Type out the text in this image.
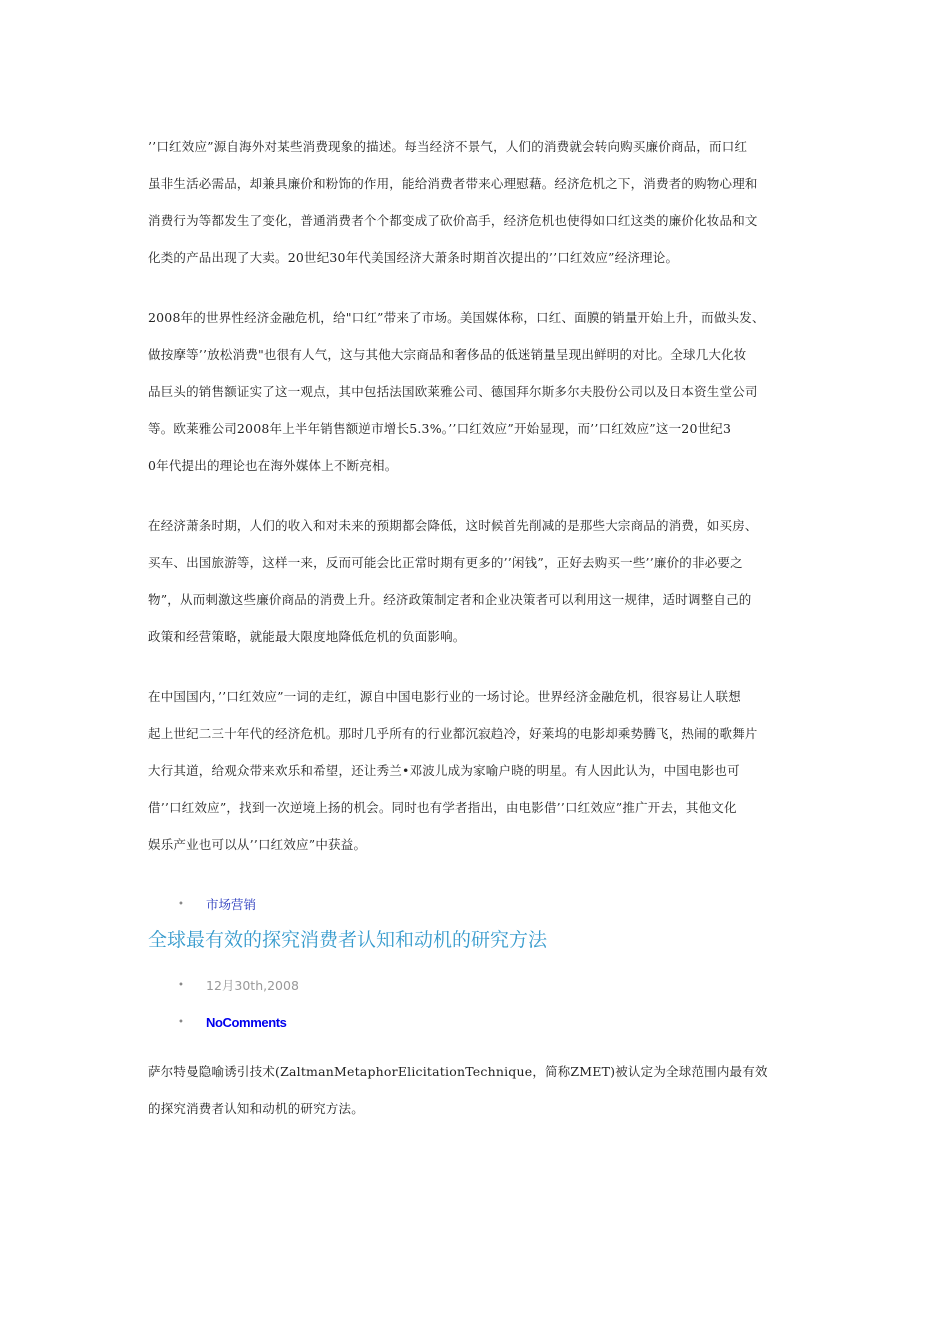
’’口红效应”源自海外对某些消费现象的描述。每当经济不景气，人们的消费就会转向购买廉价商品，而口红
虽非生活必需品，却兼具廉价和粉饰的作用，能给消费者带来心理慰藉。经济危机之下，消费者的购物心理和
消费行为等都发生了变化，普通消费者个个都变成了砍价高手，经济危机也使得如口红这类的廉价化妆品和文
化类的产品出现了大卖。20世纪30年代美国经济大萧条时期首次提出的’’口红效应”经济理论。
2008年的世界性经济金融危机，给"口红”带来了市场。美国媒体称，口红、面膜的销量开始上升，而做头发、
做按摩等’’放松消费"也很有人气，这与其他大宗商品和奢侈品的低迷销量呈现出鲜明的对比。全球几大化妆
品巨头的销售额证实了这一观点，其中包括法国欧莱雅公司、德国拜尔斯多尔夫股份公司以及日本资生堂公司
等。欧莱雅公司2008年上半年销售额逆市增长5.3%。’’口红效应”开始显现，而’’口红效应”这一20世纪3
0年代提出的理论也在海外媒体上不断亮相。
在经济萧条时期，人们的收入和对未来的预期都会降低，这时候首先削减的是那些大宗商品的消费，如买房、
买车、出国旅游等，这样一来，反而可能会比正常时期有更多的’’闲钱”，正好去购买一些’’廉价的非必要之
物”，从而刺激这些廉价商品的消费上升。经济政策制定者和企业决策者可以利用这一规律，适时调整自己的
政策和经营策略，就能最大限度地降低危机的负面影响。
在中国国内，’’口红效应”一词的走红，源自中国电影行业的一场讨论。世界经济金融危机，很容易让人联想
起上世纪二三十年代的经济危机。那时几乎所有的行业都沉寂趋冷，好莱坞的电影却乘势腾飞，热闹的歌舞片
大行其道，给观众带来欢乐和希望，还让秀兰•邓波儿成为家喻户晓的明星。有人因此认为，中国电影也可
借’’口红效应”，找到一次逆境上扬的机会。同时也有学者指出，由电影借’’口红效应”推广开去，其他文化
娱乐产业也可以从’’口红效应”中获益。
• 市场营销
全球最有效的探究消费者认知和动机的研究方法
• 12月30th,2008
• NoComments
萨尔特曼隐喻诱引技术(ZaltmanMetaphorElicitationTechnique，简称ZMET)被认定为全球范围内最有效
的探究消费者认知和动机的研究方法。
